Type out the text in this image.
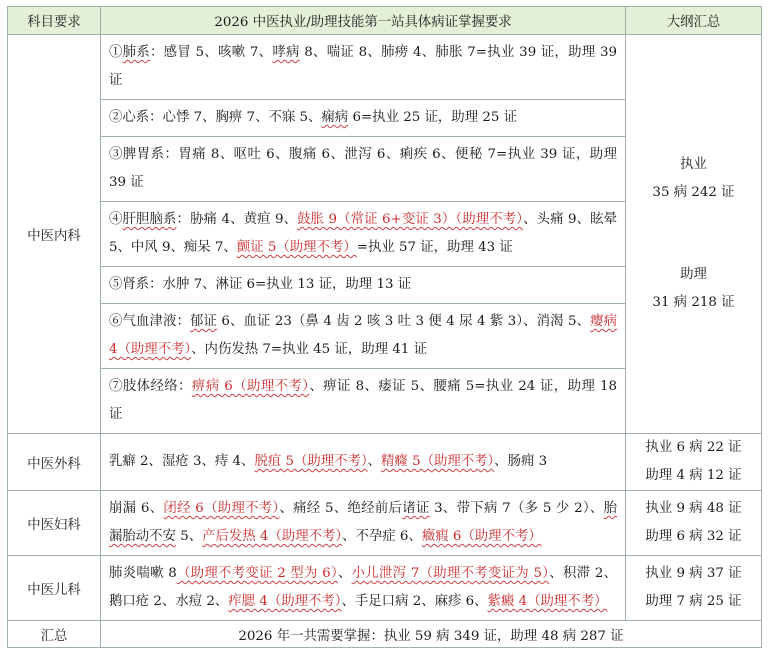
科目要求	2026 中医执业/助理技能第一站具体病证掌握要求	大纲汇总
中医内科	①肺系：感冒 5、咳嗽 7、哮病 8、喘证 8、肺痨 4、肺胀 7=执业 39 证，助理 39 证	执业
35 病 242 证
助理
31 病 218 证

	②心系：心悸 7、胸痹 7、不寐 5、痫病 6=执业 25 证，助理 25 证	
	③脾胃系：胃痛 8、呕吐 6、腹痛 6、泄泻 6、痢疾 6、便秘 7=执业 39 证，助理 39 证	
	④肝胆脑系：胁痛 4、黄疸 9、鼓胀 9（常证 6+变证 3）（助理不考）、头痛 9、眩晕 5、中风 9、痴呆 7、颤证 5（助理不考）=执业 57 证，助理 43 证	
	⑤肾系：水肿 7、淋证 6=执业 13 证，助理 13 证	
	⑥气血津液：郁证 6、血证 23（鼻 4 齿 2 咳 3 吐 3 便 4 尿 4 紫 3）、消渴 5、瘿病 4（助理不考）、内伤发热 7=执业 45 证，助理 41 证	
	⑦肢体经络：痹病 6（助理不考）、痹证 8、痿证 5、腰痛 5=执业 24 证，助理 18 证	
中医外科	乳癖 2、湿疮 3、痔 4、脱疽 5（助理不考）、精癃 5（助理不考）、肠痈 3	执业 6 病 22 证
助理 4 病 12 证

中医妇科	崩漏 6、闭经 6（助理不考）、痛经 5、绝经前后诸证 3、带下病 7（多 5 少 2）、胎漏胎动不安 5、产后发热 4（助理不考）、不孕症 6、癥瘕 6（助理不考）	执业 9 病 48 证
助理 6 病 32 证

中医儿科	肺炎喘嗽 8（助理不考变证 2 型为 6）、小儿泄泻 7（助理不考变证为 5）、积滞 2、鹅口疮 2、水痘 2、痄腮 4（助理不考）、手足口病 2、麻疹 6、紫癜 4（助理不考）	执业 9 病 37 证
助理 7 病 25 证

汇总	2026 年一共需要掌握：执业 59 病 349 证，助理 48 病 287 证	
